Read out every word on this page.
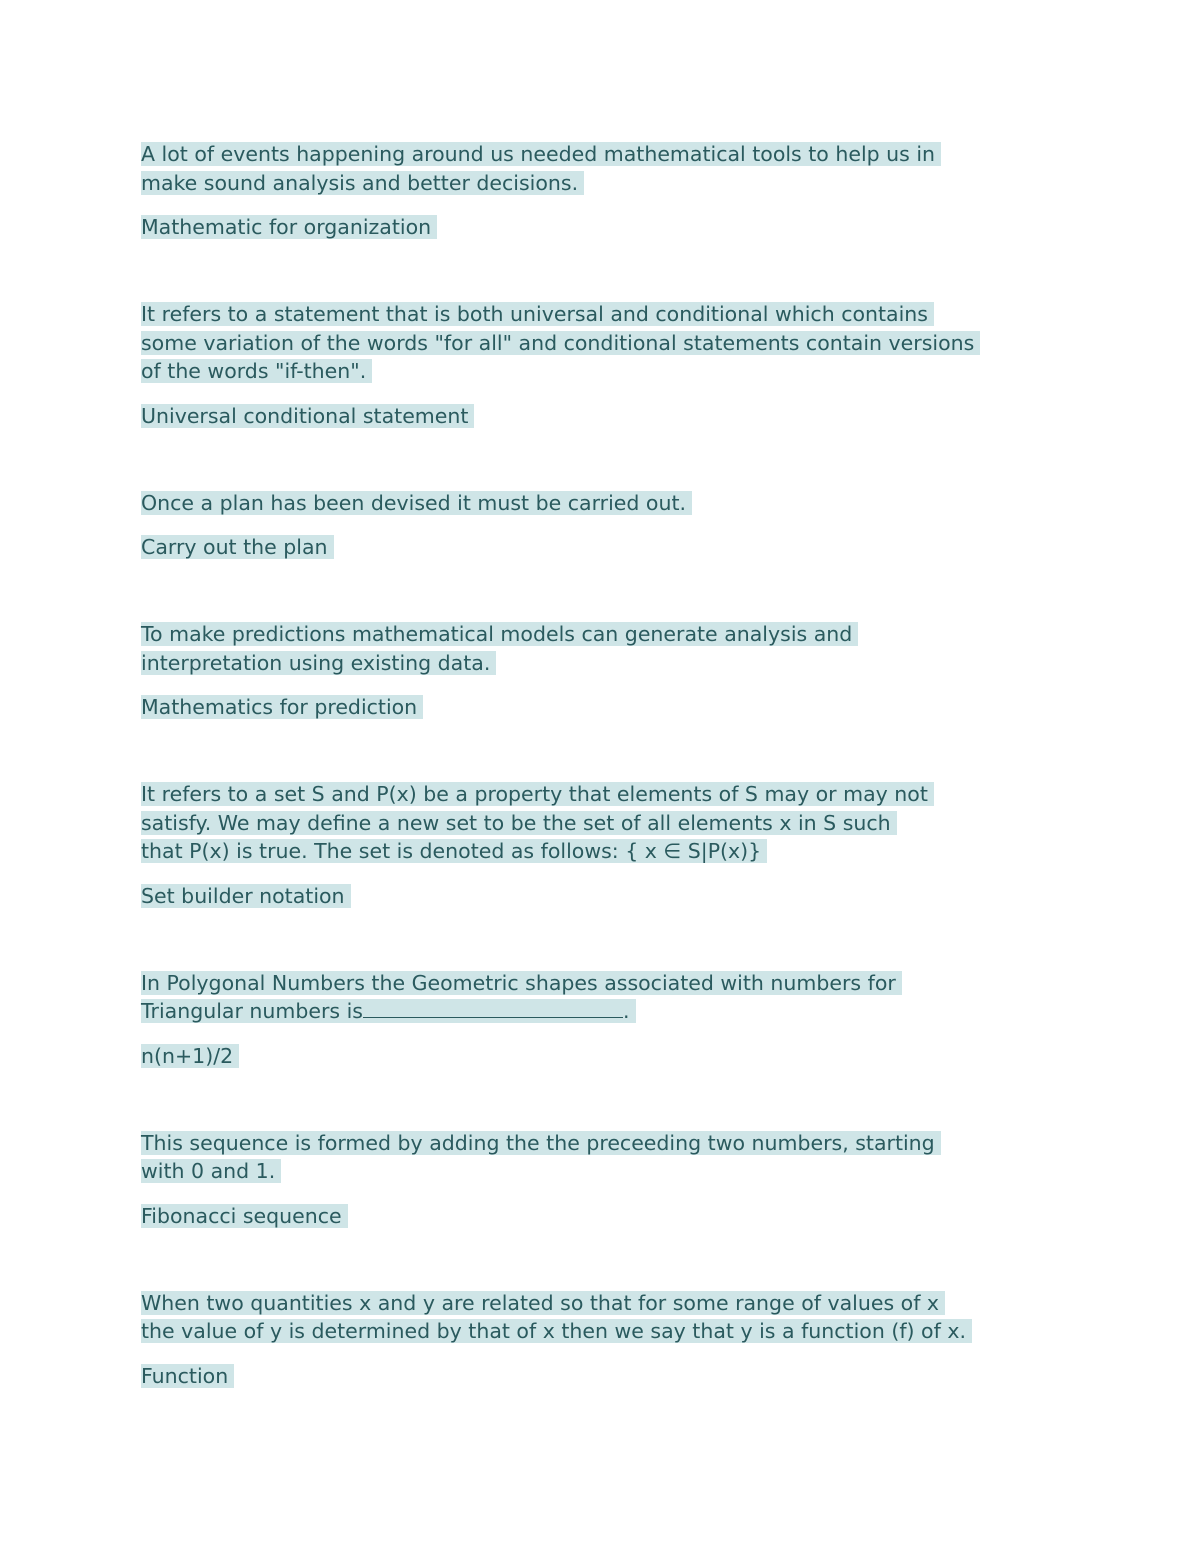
A lot of events happening around us needed mathematical tools to help us in
make sound analysis and better decisions.
Mathematic for organization
It refers to a statement that is both universal and conditional which contains
some variation of the words "for all" and conditional statements contain versions
of the words "if-then".
Universal conditional statement
Once a plan has been devised it must be carried out.
Carry out the plan
To make predictions mathematical models can generate analysis and
interpretation using existing data.
Mathematics for prediction
It refers to a set S and P(x) be a property that elements of S may or may not
satisfy. We may define a new set to be the set of all elements x in S such
that P(x) is true. The set is denoted as follows: { x ∈ S|P(x)}
Set builder notation
In Polygonal Numbers the Geometric shapes associated with numbers for
Triangular numbers is	.
n(n+1)/2
This sequence is formed by adding the the preceeding two numbers, starting
with 0 and 1.
Fibonacci sequence
When two quantities x and y are related so that for some range of values of x
the value of y is determined by that of x then we say that y is a function (f) of x.
Function
